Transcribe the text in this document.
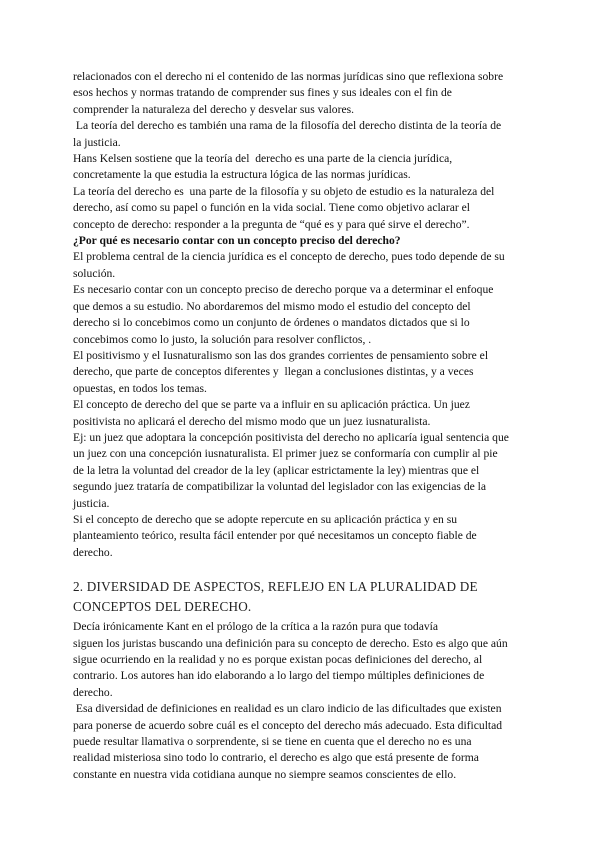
relacionados con el derecho ni el contenido de las normas jurídicas sino que reflexiona sobre
esos hechos y normas tratando de comprender sus fines y sus ideales con el fin de
comprender la naturaleza del derecho y desvelar sus valores.

La teoría del derecho es también una rama de la filosofía del derecho distinta de la teoría de
la justicia.

Hans Kelsen sostiene que la teoría del  derecho es una parte de la ciencia jurídica,
concretamente la que estudia la estructura lógica de las normas jurídicas.

La teoría del derecho es  una parte de la filosofía y su objeto de estudio es la naturaleza del
derecho, así como su papel o función en la vida social. Tiene como objetivo aclarar el
concepto de derecho: responder a la pregunta de “qué es y para qué sirve el derecho”.

¿Por qué es necesario contar con un concepto preciso del derecho?

El problema central de la ciencia jurídica es el concepto de derecho, pues todo depende de su
solución.

Es necesario contar con un concepto preciso de derecho porque va a determinar el enfoque
que demos a su estudio. No abordaremos del mismo modo el estudio del concepto del
derecho si lo concebimos como un conjunto de órdenes o mandatos dictados que si lo
concebimos como lo justo, la solución para resolver conflictos, .

El positivismo y el Iusnaturalismo son las dos grandes corrientes de pensamiento sobre el
derecho, que parte de conceptos diferentes y  llegan a conclusiones distintas, y a veces
opuestas, en todos los temas.

El concepto de derecho del que se parte va a influir en su aplicación práctica. Un juez
positivista no aplicará el derecho del mismo modo que un juez iusnaturalista.

Ej: un juez que adoptara la concepción positivista del derecho no aplicaría igual sentencia que
un juez con una concepción iusnaturalista. El primer juez se conformaría con cumplir al pie
de la letra la voluntad del creador de la ley (aplicar estrictamente la ley) mientras que el
segundo juez trataría de compatibilizar la voluntad del legislador con las exigencias de la
justicia.

Si el concepto de derecho que se adopte repercute en su aplicación práctica y en su
planteamiento teórico, resulta fácil entender por qué necesitamos un concepto fiable de
derecho.

2. DIVERSIDAD DE ASPECTOS, REFLEJO EN LA PLURALIDAD DE
CONCEPTOS DEL DERECHO.

Decía irónicamente Kant en el prólogo de la crítica a la razón pura que todavía
siguen los juristas buscando una definición para su concepto de derecho. Esto es algo que aún
sigue ocurriendo en la realidad y no es porque existan pocas definiciones del derecho, al
contrario. Los autores han ido elaborando a lo largo del tiempo múltiples definiciones de
derecho.

Esa diversidad de definiciones en realidad es un claro indicio de las dificultades que existen
para ponerse de acuerdo sobre cuál es el concepto del derecho más adecuado. Esta dificultad
puede resultar llamativa o sorprendente, si se tiene en cuenta que el derecho no es una
realidad misteriosa sino todo lo contrario, el derecho es algo que está presente de forma
constante en nuestra vida cotidiana aunque no siempre seamos conscientes de ello.
